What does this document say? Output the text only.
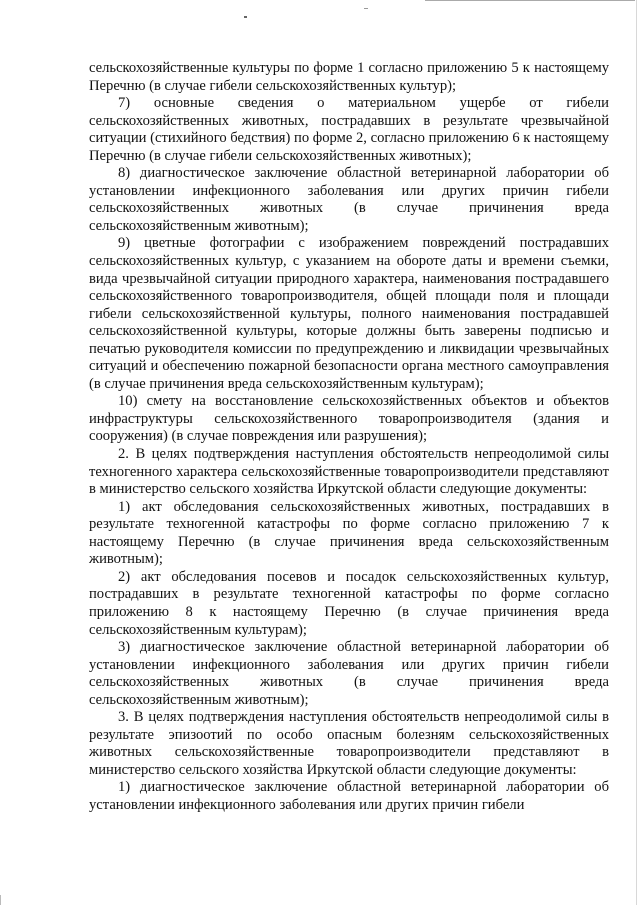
сельскохозяйственные культуры по форме 1 согласно приложению 5 к настоящему Перечню (в случае гибели сельскохозяйственных культур);

7) основные сведения о материальном ущербе от гибели сельскохозяйственных животных, пострадавших в результате чрезвычайной ситуации (стихийного бедствия) по форме 2, согласно приложению 6 к настоящему Перечню (в случае гибели сельскохозяйственных животных);

8) диагностическое заключение областной ветеринарной лаборатории об установлении инфекционного заболевания или других причин гибели сельскохозяйственных животных (в случае причинения вреда сельскохозяйственным животным);

9) цветные фотографии с изображением повреждений пострадавших сельскохозяйственных культур, с указанием на обороте даты и времени съемки, вида чрезвычайной ситуации природного характера, наименования пострадавшего сельскохозяйственного товаропроизводителя, общей площади поля и площади гибели сельскохозяйственной культуры, полного наименования пострадавшей сельскохозяйственной культуры, которые должны быть заверены подписью и печатью руководителя комиссии по предупреждению и ликвидации чрезвычайных ситуаций и обеспечению пожарной безопасности органа местного самоуправления (в случае причинения вреда сельскохозяйственным культурам);

10) смету на восстановление сельскохозяйственных объектов и объектов инфраструктуры сельскохозяйственного товаропроизводителя (здания и сооружения) (в случае повреждения или разрушения);

2. В целях подтверждения наступления обстоятельств непреодолимой силы техногенного характера сельскохозяйственные товаропроизводители представляют в министерство сельского хозяйства Иркутской области следующие документы:

1) акт обследования сельскохозяйственных животных, пострадавших в результате техногенной катастрофы по форме согласно приложению 7 к настоящему Перечню (в случае причинения вреда сельскохозяйственным животным);

2) акт обследования посевов и посадок сельскохозяйственных культур, пострадавших в результате техногенной катастрофы по форме согласно приложению 8 к настоящему Перечню (в случае причинения вреда сельскохозяйственным культурам);

3) диагностическое заключение областной ветеринарной лаборатории об установлении инфекционного заболевания или других причин гибели сельскохозяйственных животных (в случае причинения вреда сельскохозяйственным животным);

3. В целях подтверждения наступления обстоятельств непреодолимой силы в результате эпизоотий по особо опасным болезням сельскохозяйственных животных сельскохозяйственные товаропроизводители представляют в министерство сельского хозяйства Иркутской области следующие документы:

1) диагностическое заключение областной ветеринарной лаборатории об установлении инфекционного заболевания или других причин гибели
